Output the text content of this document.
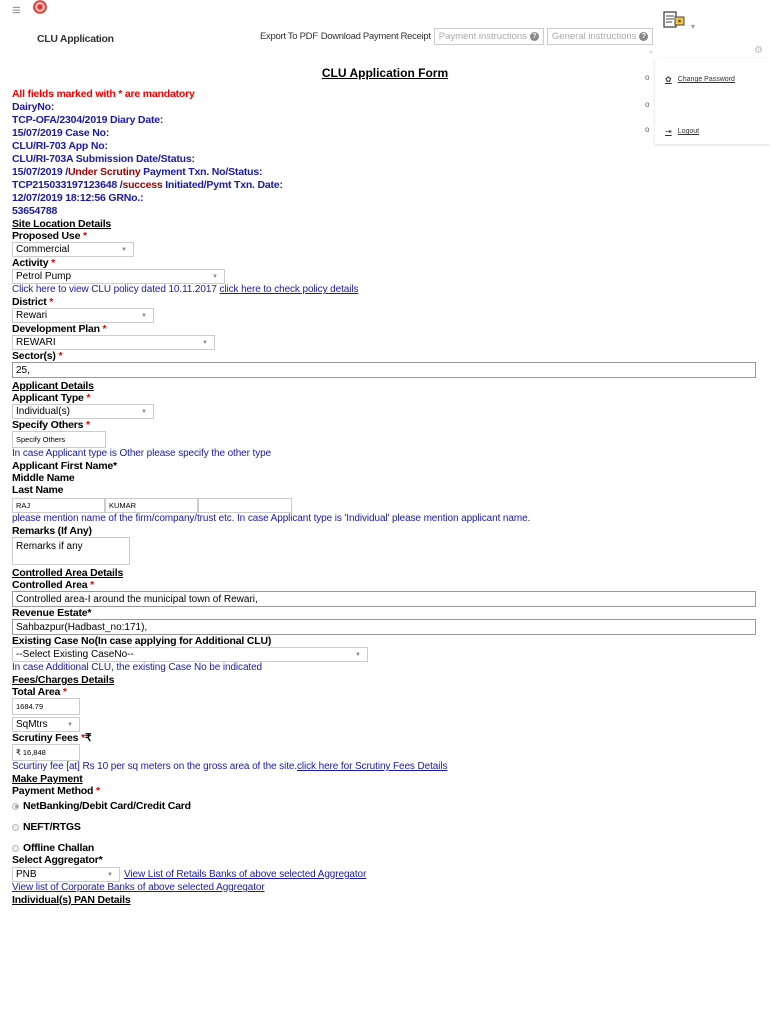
≡
CLU Application	Export To PDF Download Payment Receipt Payment instructions ? General instructions ?
▾
»	⚙
o
o
o
✿ Change Password
⇥ Logout
CLU Application Form
All fields marked with * are mandatory
DairyNo:
TCP-OFA/2304/2019 Diary Date:
15/07/2019 Case No:
CLU/RI-703 App No:
CLU/RI-703A Submission Date/Status:
15/07/2019 /Under Scrutiny Payment Txn. No/Status:
TCP215033197123648 /success Initiated/Pymt Txn. Date:
12/07/2019 18:12:56 GRNo.:
53654788
Site Location Details
Proposed Use *
Commercial	▼
Activity *
Petrol Pump	▼
Click here to view CLU policy dated 10.11.2017 click here to check policy details
District *
Rewari	▼
Development Plan *
REWARI	▼
Sector(s) *
25,
Applicant Details
Applicant Type *
Individual(s)	▼
Specify Others *
Specify Others
In case Applicant type is Other please specify the other type
Applicant First Name*
Middle Name
Last Name
RAJ	KUMAR
please mention name of the firm/company/trust etc. In case Applicant type is 'Individual' please mention applicant name.
Remarks (If Any)
Remarks if any
Controlled Area Details
Controlled Area *
Controlled area-I around the municipal town of Rewari,
Revenue Estate*
Sahbazpur(Hadbast_no:171),
Existing Case No(In case applying for Additional CLU)
--Select Existing CaseNo--	▼
In case Additional CLU, the existing Case No be indicated
Fees/Charges Details
Total Area *
1684.79
SqMtrs	▼
Scrutiny Fees *₹
₹ 16,848
Scurtiny fee [at] Rs 10 per sq meters on the gross area of the site.click here for Scrutiny Fees Details
Make Payment
Payment Method *
NetBanking/Debit Card/Credit Card
NEFT/RTGS
Offline Challan
Select Aggregator*
PNB	▼ View List of Retails Banks of above selected Aggregator
View list of Corporate Banks of above selected Aggregator
Individual(s) PAN Details
